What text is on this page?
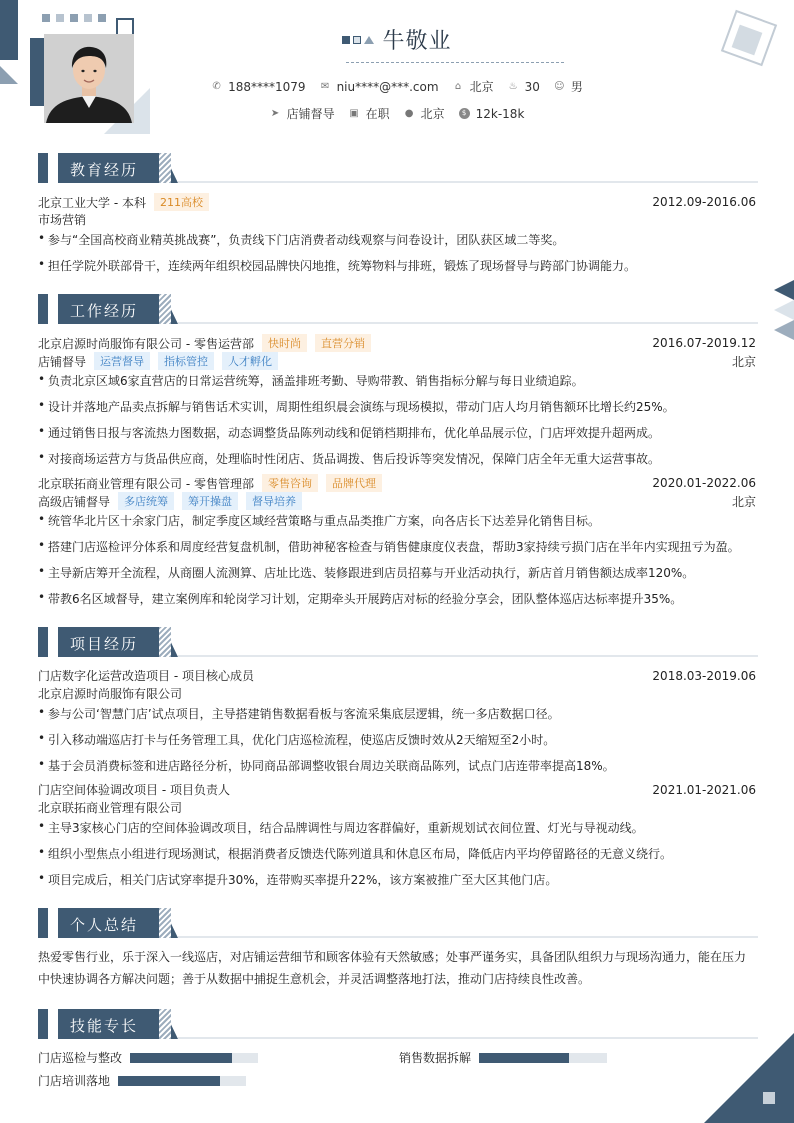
牛敬业
✆ 188****1079 ✉ niu****@***.com ⌂ 北京 ♨ 30 ☺ 男
➤ 店铺督导 ▣ 在职 ● 北京	$ 12k-18k
教育经历
北京工业大学 - 本科	211高校	2012.09-2016.06
市场营销
• 参与“全国高校商业精英挑战赛”，负责线下门店消费者动线观察与问卷设计，团队获区域二等奖。
• 担任学院外联部骨干，连续两年组织校园品牌快闪地推，统筹物料与排班，锻炼了现场督导与跨部门协调能力。
工作经历
北京启源时尚服饰有限公司 - 零售运营部	快时尚	直营分销	2016.07-2019.12
店铺督导	运营督导	指标管控	人才孵化	北京
• 负责北京区域6家直营店的日常运营统筹，涵盖排班考勤、导购带教、销售指标分解与每日业绩追踪。
• 设计并落地产品卖点拆解与销售话术实训，周期性组织晨会演练与现场模拟，带动门店人均月销售额环比增长约25%。
• 通过销售日报与客流热力图数据，动态调整货品陈列动线和促销档期排布，优化单品展示位，门店坪效提升超两成。
• 对接商场运营方与货品供应商，处理临时性闭店、货品调拨、售后投诉等突发情况，保障门店全年无重大运营事故。
北京联拓商业管理有限公司 - 零售管理部	零售咨询	品牌代理	2020.01-2022.06
高级店铺督导	多店统筹	筹开操盘	督导培养	北京
• 统管华北片区十余家门店，制定季度区域经营策略与重点品类推广方案，向各店长下达差异化销售目标。
• 搭建门店巡检评分体系和周度经营复盘机制，借助神秘客检查与销售健康度仪表盘，帮助3家持续亏损门店在半年内实现扭亏为盈。
• 主导新店筹开全流程，从商圈人流测算、店址比选、装修跟进到店员招募与开业活动执行，新店首月销售额达成率120%。
• 带教6名区域督导，建立案例库和轮岗学习计划，定期牵头开展跨店对标的经验分享会，团队整体巡店达标率提升35%。
项目经历
门店数字化运营改造项目 - 项目核心成员	2018.03-2019.06
北京启源时尚服饰有限公司
• 参与公司‘智慧门店’试点项目，主导搭建销售数据看板与客流采集底层逻辑，统一多店数据口径。
• 引入移动端巡店打卡与任务管理工具，优化门店巡检流程，使巡店反馈时效从2天缩短至2小时。
• 基于会员消费标签和进店路径分析，协同商品部调整收银台周边关联商品陈列，试点门店连带率提高18%。
门店空间体验调改项目 - 项目负责人	2021.01-2021.06
北京联拓商业管理有限公司
• 主导3家核心门店的空间体验调改项目，结合品牌调性与周边客群偏好，重新规划试衣间位置、灯光与导视动线。
• 组织小型焦点小组进行现场测试，根据消费者反馈迭代陈列道具和休息区布局，降低店内平均停留路径的无意义绕行。
• 项目完成后，相关门店试穿率提升30%，连带购买率提升22%，该方案被推广至大区其他门店。
个人总结
热爱零售行业，乐于深入一线巡店，对店铺运营细节和顾客体验有天然敏感；处事严谨务实，具备团队组织力与现场沟通力，能在压力中快速协调各方解决问题；善于从数据中捕捉生意机会，并灵活调整落地打法，推动门店持续良性改善。
技能专长
门店巡检与整改	销售数据拆解
门店培训落地
